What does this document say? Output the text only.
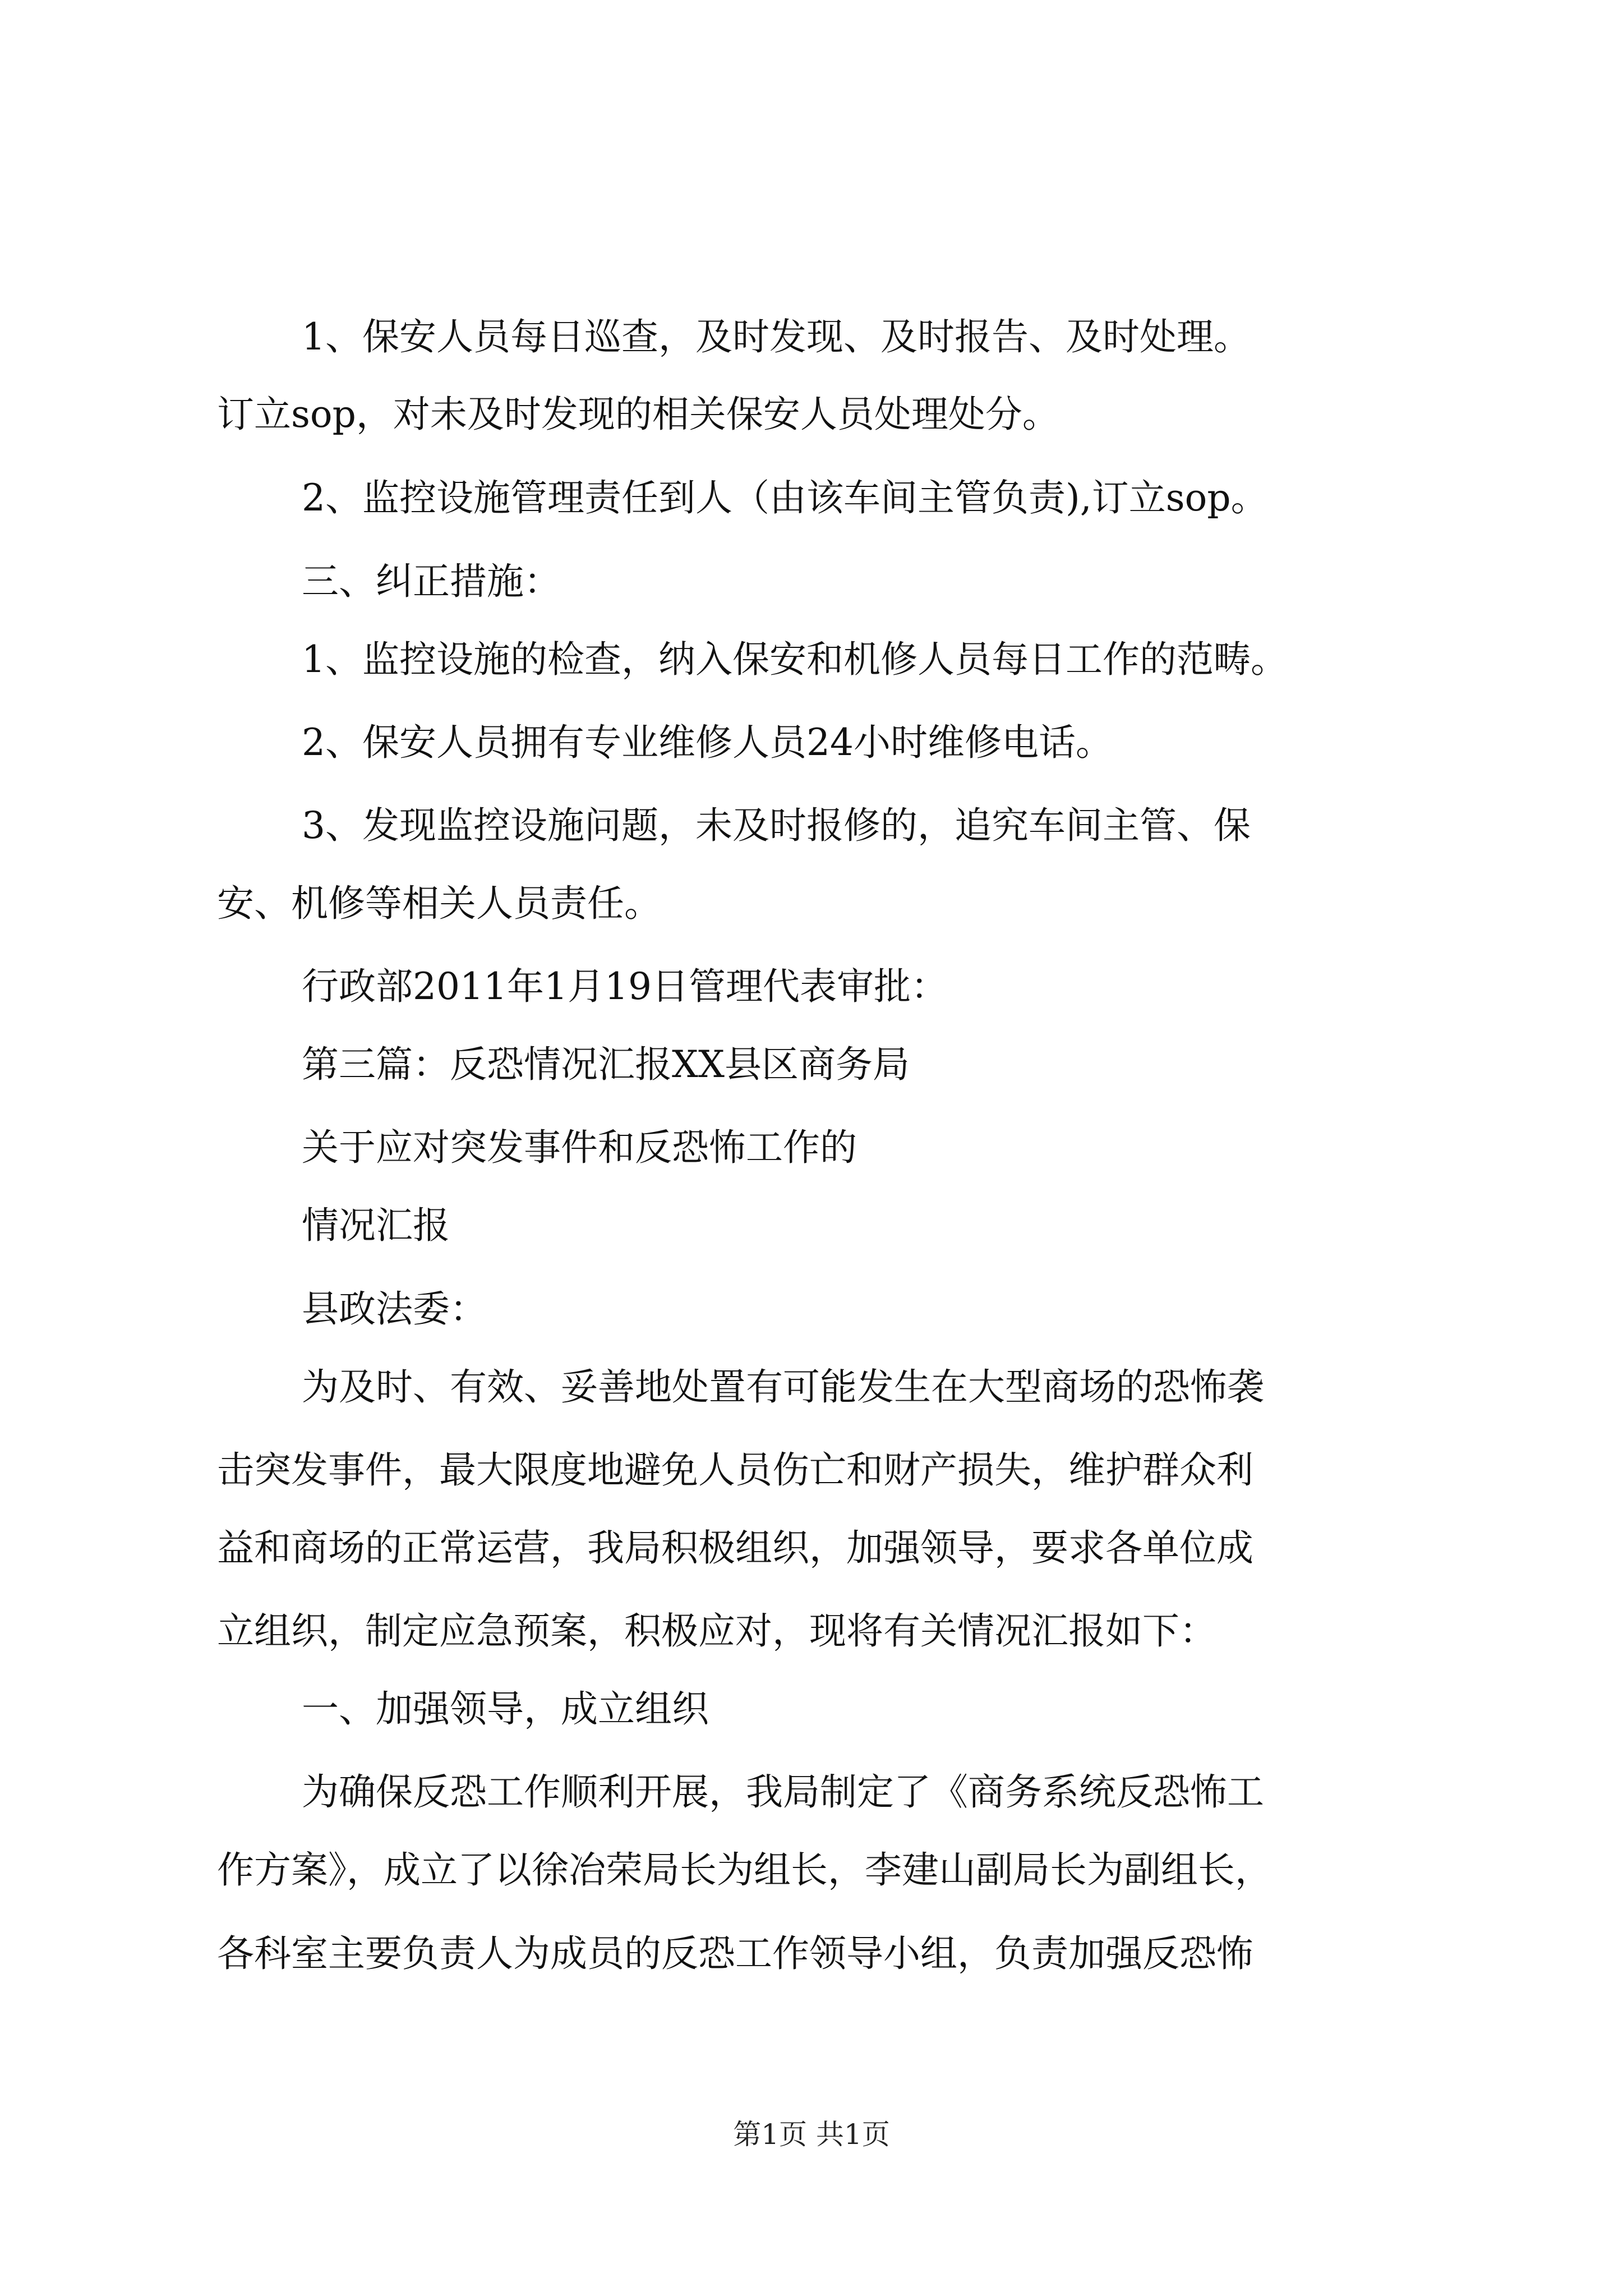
1、保安人员每日巡查，及时发现、及时报告、及时处理。
订立sop，对未及时发现的相关保安人员处理处分。
2、监控设施管理责任到人（由该车间主管负责),订立sop。
三、纠正措施：
1、监控设施的检查，纳入保安和机修人员每日工作的范畴。
2、保安人员拥有专业维修人员24小时维修电话。
3、发现监控设施问题，未及时报修的，追究车间主管、保
安、机修等相关人员责任。
行政部2011年1月19日管理代表审批：
第三篇：反恐情况汇报XX县区商务局
关于应对突发事件和反恐怖工作的
情况汇报
县政法委：
为及时、有效、妥善地处置有可能发生在大型商场的恐怖袭
击突发事件，最大限度地避免人员伤亡和财产损失，维护群众利
益和商场的正常运营，我局积极组织，加强领导，要求各单位成
立组织，制定应急预案，积极应对，现将有关情况汇报如下：
一、加强领导，成立组织
为确保反恐工作顺利开展，我局制定了《商务系统反恐怖工
作方案》，成立了以徐冶荣局长为组长，李建山副局长为副组长，
各科室主要负责人为成员的反恐工作领导小组，负责加强反恐怖
第1页 共1页
